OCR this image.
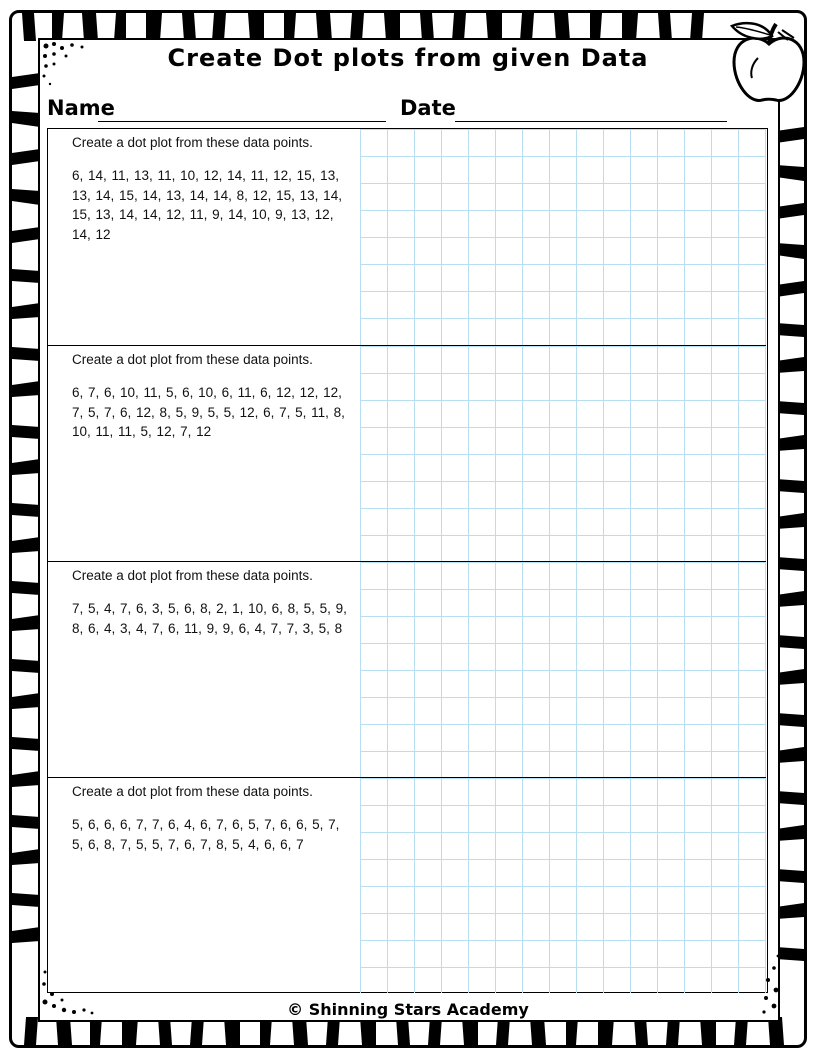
Create Dot plots from given Data
Name	Date

Create a dot plot from these data points.

6, 14, 11, 13, 11, 10, 12, 14, 11, 12, 15, 13, 13, 14, 15, 14, 13, 14, 14, 8, 12, 15, 13, 14, 15, 13, 14, 14, 12, 11, 9, 14, 10, 9, 13, 12, 14, 12

Create a dot plot from these data points.

6, 7, 6, 10, 11, 5, 6, 10, 6, 11, 6, 12, 12, 12, 7, 5, 7, 6, 12, 8, 5, 9, 5, 5, 12, 6, 7, 5, 11, 8, 10, 11, 11, 5, 12, 7, 12

Create a dot plot from these data points.

7, 5, 4, 7, 6, 3, 5, 6, 8, 2, 1, 10, 6, 8, 5, 5, 9, 8, 6, 4, 3, 4, 7, 6, 11, 9, 9, 6, 4, 7, 7, 3, 5, 8

Create a dot plot from these data points.

5, 6, 6, 6, 7, 7, 6, 4, 6, 7, 6, 5, 7, 6, 6, 5, 7, 5, 6, 8, 7, 5, 5, 7, 6, 7, 8, 5, 4, 6, 6, 7

© Shinning Stars Academy
